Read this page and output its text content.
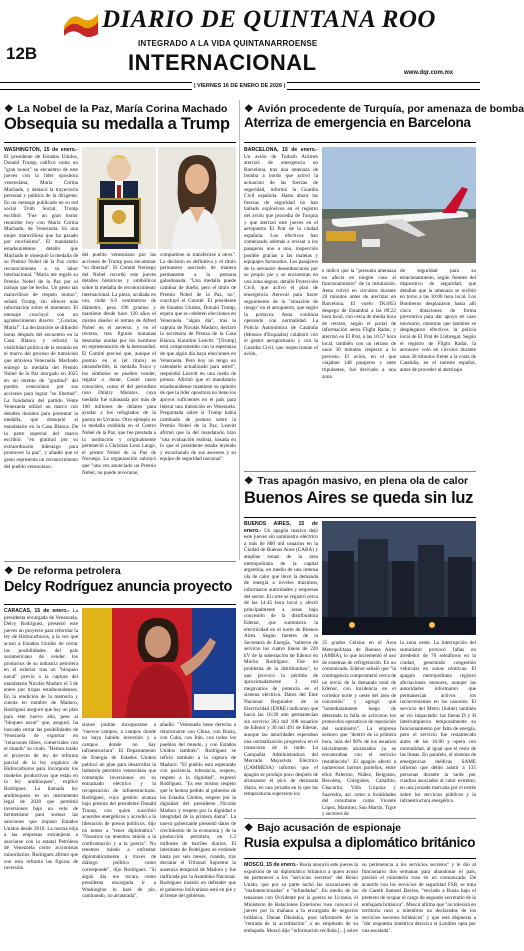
DIARIO DE QUINTANA ROO
INTEGRADO A LA VIDA QUINTANARROENSE
12B	INTERNACIONAL	www.dqr.com.mx
| VIERNES 16 DE ENERO DE 2026 |
❖ La Nobel de la Paz, María Corina Machado
Obsequia su medalla a Trump
WASHINGTON, 15 de enero.- El presidente de Estados Unidos, Donald Trump, calificó como un "gran honor" su encuentro de este jueves con la líder opositora venezolana, María Corina Machado, y destacó la trayectoria personal y política de la dirigente. En un mensaje publicado en su red social Truth Social, Trump escribió: "Fue un gran honor reunirme hoy con María Corina Machado, de Venezuela. Es una mujer maravillosa que ha pasado por muchísimo". El mandatario estadounidense detalló que Machado le obsequió la medalla de su Premio Nobel de la Paz como reconocimiento a su labor internacional. "María me regaló su Premio Nobel de la Paz por el trabajo que he hecho. Un gesto tan maravilloso de respeto mutuo", señaló Trump, sin ofrecer más información sobre el momento. El mensaje concluyó con un agradecimiento directo: "¡Gracias, María!". La declaración se difundió horas después del encuentro en la Casa Blanca y reforzó la visibilidad política de la reunión en el marco del proceso de transición que atraviesa Venezuela. Machado entregó la medalla del Premio Nobel de la Paz otorgado en 2025 en un intento de "gratitud" del pueblo venezolano por sus acciones para lograr "su libertad". La fundadora del partido Vente Venezuela utilizó un marco con detalles dorados para presentar la medalla, que obsequió al mandatario en la Casa Blanca. De la parte superior del marco escribió: "en gratitud por su extraordinario liderazgo para promover la paz", y añadió que el gesto representa un reconocimiento del pueblo venezolano.
del pueblo venezolano por las acciones de Trump para encaminar "su libertad". El Comité Noruego del Nobel recordó este jueves detalles históricos y simbólicos sobre la medalla de reconocimiento internacional. La pieza, acuñada en oro, mide 6.6 centímetros de diámetro, pesa 196 gramos y mantiene desde hace 120 años el mismo diseño: el retrato de Alfred Nobel en el anverso, y en el reverso, tres figuras humanas desnudas unidas por los hombros en representación de la hermandad. El Comité precisó que, aunque el premio en sí (el título) es intransferible, la medalla física y los símbolos se pueden vender, regalar o donar. Contó casos conocidos, como el del periodista ruso Dmitry Muratov, cuya medalla fue subastada por más de 100 millones de dólares para ayudar a los refugiados de la guerra en Ucrania. Otro ejemplo es la medalla exhibida en el Centro Nobel de la Paz, que fue prestada a la institución y originalmente perteneció a Christian Lous Lange, el primer Nobel de la Paz de Noruega. La organización subrayó que "una vez anunciado un Premio Nobel, no puede revocarse,
compartirse ni transferirse a otros". La decisión es definitiva y el título permanece asociado de manera permanente a la persona galardonada. "Una medalla puede cambiar de dueño, pero el título de Premio Nobel de la Paz, no", concluyó el Comité. El presidente de Estados Unidos, Donald Trump, espera que se celebren elecciones en Venezuela "algún día", tras la captura de Nicolás Maduro, declaró la secretaria de Prensa de la Casa Blanca, Karoline Leavitt. "[Trump] está comprometido con la esperanza de que algún día haya elecciones en Venezuela. Pero hoy no tengo un calendario actualizado para usted", respondió Leavitt en una rueda de prensa. Afirmó que el mandatario estadounidense mantiene su opinión de que la líder opositora no tiene los apoyos suficientes en el país para liderar una transición en Venezuela. Preguntada sobre si Trump había cambiado de postura sobre la Premio Nobel de la Paz, Leavitt afirmó que la del mandatario hizo "una evaluación realista, basada en lo que el presidente estaba leyendo y escuchando de sus asesores y su equipo de seguridad nacional".
❖ Avión procedente de Turquía, por amenaza de bomba
Aterriza de emergencia en Barcelona
BARCELONA, 15 de enero.- Un avión de Turkish Airlines aterrizó de emergencia en Barcelona, tras una amenaza de bomba a bordo que activó la actuación de las fuerzas de seguridad, informó la Guardia Civil española. Hasta ahora las fuerzas de seguridad no han hallado explosivos en el registro del avión que procedía de Turquía y que aterrizó este jueves en el aeropuerto El Prat de la ciudad española. Los efectivos han comenzado además a revisar a los pasajeros uno a uno, inspección posible gracias a las maletas y equipajes facturados. Los pasajeros de la aeronave desembarcaron por su propio pie y se encuentran en una zona segura, detalló Protección Civil, que activó el plan de emergencia Aeroval para hacer seguimiento de la "situación de riesgo" en el aeropuerto, que según la portavoz Aena continúa operando con normalidad. La Policía Autonómica de Cataluña (Mossos d'Esquadra) colaboró con el gestor aeroportuario y con la Guardia Civil, que inspeccionan el avión,
e indicó que la "presunta amenaza no afecta en ningún caso al funcionamiento" de la instalación. Aena volvió en circuitos durante 20 minutos antes de aterrizar en Barcelona. El vuelo TK1853 despegó de Estambul a las 09:22 hora local, con cerca de media hora de retraso, según el portal de información aérea Flight Radar, y aterrizó en El Prat, a las 10:57 hora local, también con un retraso de unos 30 minutos respecto a lo previsto. El avión, en el que viajaban 148 pasajeros y siete tripulantes, fue derivado a una zona
de seguridad para su estacionamiento, según fuentes del dispositivo de seguridad, que detallan que la amenaza se recibió en torno a las 10:00 hora local. Los Bomberos desplazaron hasta allí cinco dotaciones de forma preventiva para dar apoyo en caso necesario, mientras que también se desplegaron efectivos la policía local de El Prat de Llobregat. Según el registro de Flight Radar, la aeronave voló en círculos durante unos 20 minutos frente a la costa de Cataluña, en el noreste español, antes de proceder al aterrizaje.
❖ Tras apagón masivo, en plena ola de calor
Buenos Aires se queda sin luz
BUENOS AIRES, 15 de enero.- Un apagón masivo dejó este jueves sin suministro eléctrico a más de 800 mil usuarios en la Ciudad de Buenos Aires (CABA) y amplias zonas de la área metropolitana de la capital argentina, en medio de una intensa ola de calor que llevó la demanda de energía a niveles máximos, informaron autoridades y empresas del sector. El corte se registró cerca de las 14:45 hora local y afectó principalmente a áreas bajo concesión de la distribuidora Edenor, que suministra la electricidad en el norte de Buenos Aires. Según fuentes de la Secretaría de Energía, "salieron de servicio los cuatro líneas de 220 kV de la subestación de Edenor en Morón Rodríguez. Fue un problema de la distribuidora", lo que provocó la pérdida de aproximadamente 3 mil megavatios de potencia en el sistema eléctrico. Datos del Ente Nacional Regulador de la Electricidad (ENRE) indicaron que hacia las 16:30 aún permanecían sin servicio 363 mil 108 usuarios de Edenor y 30 mil 491 de Edesur, aunque las autoridades esperaban una normalización progresiva en el transcurso de la tarde. La Compañía Administradora del Mercado Mayorista Eléctrico (CAMMESA) informó que el apagón se produjo poco después de alcanzarse el pico de demanda diaria, en una jornada en la que las temperaturas superaron los
35 grados Celsius en el Área Metropolitana de Buenos Aires (AMBA), lo que incrementó el uso de sistemas de refrigeración. En un comunicado, Edenor señaló que "la contingencia comprometió cerca de un tercio de la demanda total de Edenor, con incidencia en el corredor norte y oeste del área de concesión" y agregó que "inmediatamente luego de detectada la falla se activaron los protocolos operativos de reposición del suministro". La empresa sostuvo que "dentro de la primera hora, más del 90% de los usuarios inicialmente alcanzados ya se encontraban con el servicio restablecido". El apagón afectó a numerosos barrios porteños, entre ellos Palermo, Núñez, Belgrano, Recoleta, Colegiales, Caballito, Chacarita, Villa Urquiza y Saavedra, así como a localidades del conurbano como Vicente López, Martínez, San Martín, Tigre y sectores de
la zona oeste. La interrupción del suministro provocó fallas en alrededor de 70 semáforos en la ciudad, generando congestión vehicular en zonas céntricas. El apagón metropolitano registró afectaciones menores, aunque las autoridades informaron que permanecían activos los inconvenientes en los usuarios. El servicio del Metro (Subte) también se vio impactado: las líneas D y H interrumpieron temporalmente su funcionamiento por falta de energía, pero el servicio fue restablecido antes de las 16:00 y opera con normalidad, al igual que el resto de las líneas. En paralelo, el sistema de emergencias médicas SAME informó que debió asistir a 135 personas durante la tarde por cuadros asociados al calor extremo, en una jornada marcada por el estrés sobre los servicios públicos y la infraestructura energética.
❖ Bajo acusación de espionaje
Rusia expulsa a diplomático británico
MOSCÚ, 15 de enero.- Rusia anunció este jueves la expulsión de un diplomático británico a quien acusó de pertenecer a los "servicios secretos" del Reino Unido, que por su parte tachó las acusaciones de "malintencionadas" e "infundadas". En medio de las tensiones con Occidente por la guerra en Ucrania, el Ministerio de Relaciones Exteriores ruso convocó el jueves por la mañana a la encargada de negocios británica, Danae Dholakia, para informarle de la "retirada de la acreditación" a un empleado de su embajada. Moscú dijo "información recibida [...] sobre
su pertenencia a los servicios secretos" y le dio al funcionario dos semanas para abandonar el país, precisó el ministerio ruso en un comunicado. De acuerdo con los servicios de seguridad FSB, se trata de Gareth Samuel Davies, "enviado a Rusia bajo el pretexto de ocupar el cargo de segundo secretario de la embajada británica". Moscú afirma que "no tolerará en territorio ruso a miembros no declarados de los servicios secretos británicos" y que está dispuesta a "dar respuesta simétrica decisiva si Londres opta por una escalada".
❖ De reforma petrolera
Delcy Rodríguez anuncia proyecto
CARACAS, 15 de enero.- La presidenta encargada de Venezuela, Delcy Rodríguez, presentó este jueves un proyecto para reformar la ley de Hidrocarburos, a la vez que acusó a Estados Unidos de cerrar las posibilidades del país suramericano de vender los productos de su industria petrolera en el exterior tras un "bloqueo naval" previo a la captura del mandatario Nicolás Maduro el 3 de enero por tropas estadounidenses. En la rendición de la memoria y cuenta en nombre de Maduro, Rodríguez aseguró que hay un plan para este nuevo año, pese al "bloqueo naval" que, aseguró, ha buscado cerrar las posibilidades de Venezuela de exportar en "relaciones libres, comerciales con el mundo" su crudo. "Hemos traído el proyecto de ley de reforma parcial de la ley orgánica de Hidrocarburos para incorporar los modelos productivos que están en la ley antibloqueo", explicó Rodríguez. La llamada ley antibloqueos es un instrumento legal de 2020 que permitió inversiones bajo un velo de hermetismo para sortear las sanciones que impuso Estados Unidos desde 2019. La norma elija a las empresas extranjeras a asociarse con la estatal Petróleos de Venezuela como accionistas minoritarios. Rodríguez afirmó que con esta reforma las figuras de inversión
siones podrán incorporarse a "nuevos campos, a campos donde no haya habido inversión y a campos donde no hay infraestructura". El Departamento de Energía de Estados Unidos publicó un plan para desarrollar la industria petrolera venezolana que contempla inversiones en su entramado eléctrico y la recuperación de infraestructuras. Rodríguez, cuya gestión avanza bajo presión del presidente Donald Trump, con quien suscribió acuerdos energéticos y accedió a la liberación de presos políticos, dijo no temer a "tener diplomática". "Nosotros no tenemos miedo a la confrontación y a la guerra". No tenemos miedo a enfrentar diplomáticamente a través de diálogo político como corresponde", dijo Rodríguez. "Si algún día me tocara como presidenta encargada ir a Washington lo haré de pie, caminando, no arrastrada",
añadió. "Venezuela tiene derecho a relacionarse con China, con Rusia, con Cuba, con Irán, con todos los pueblos del mundo, y con Estados Unidos también". Rodríguez se refirió también a la captura de Maduro: "El pueblo está esperando con paciencia, tolerancia, respeto, respeto a la dignidad", expresó Rodríguez. "Es ese mismo respeto que le hemos pedido al gobierno de los Estados Unidos, respeto por la dignidad del presidente Nicolás Maduro y respeto por la dignidad e integridad de la primera dama". La nueva gobernante presentó datos de crecimiento de la economía y de la producción petrolera, en 1.2 millones de barriles diarios. El interinato de Rodríguez se extiende hasta por seis meses, cuando, tras declarar el Tribunal Supremo la ausencia temporal de Maduro y fue ratificada por la Asamblea Nacional. Rodríguez insistió en defender que el gobierno bolivariano está en pie y al frente del gobierno.
